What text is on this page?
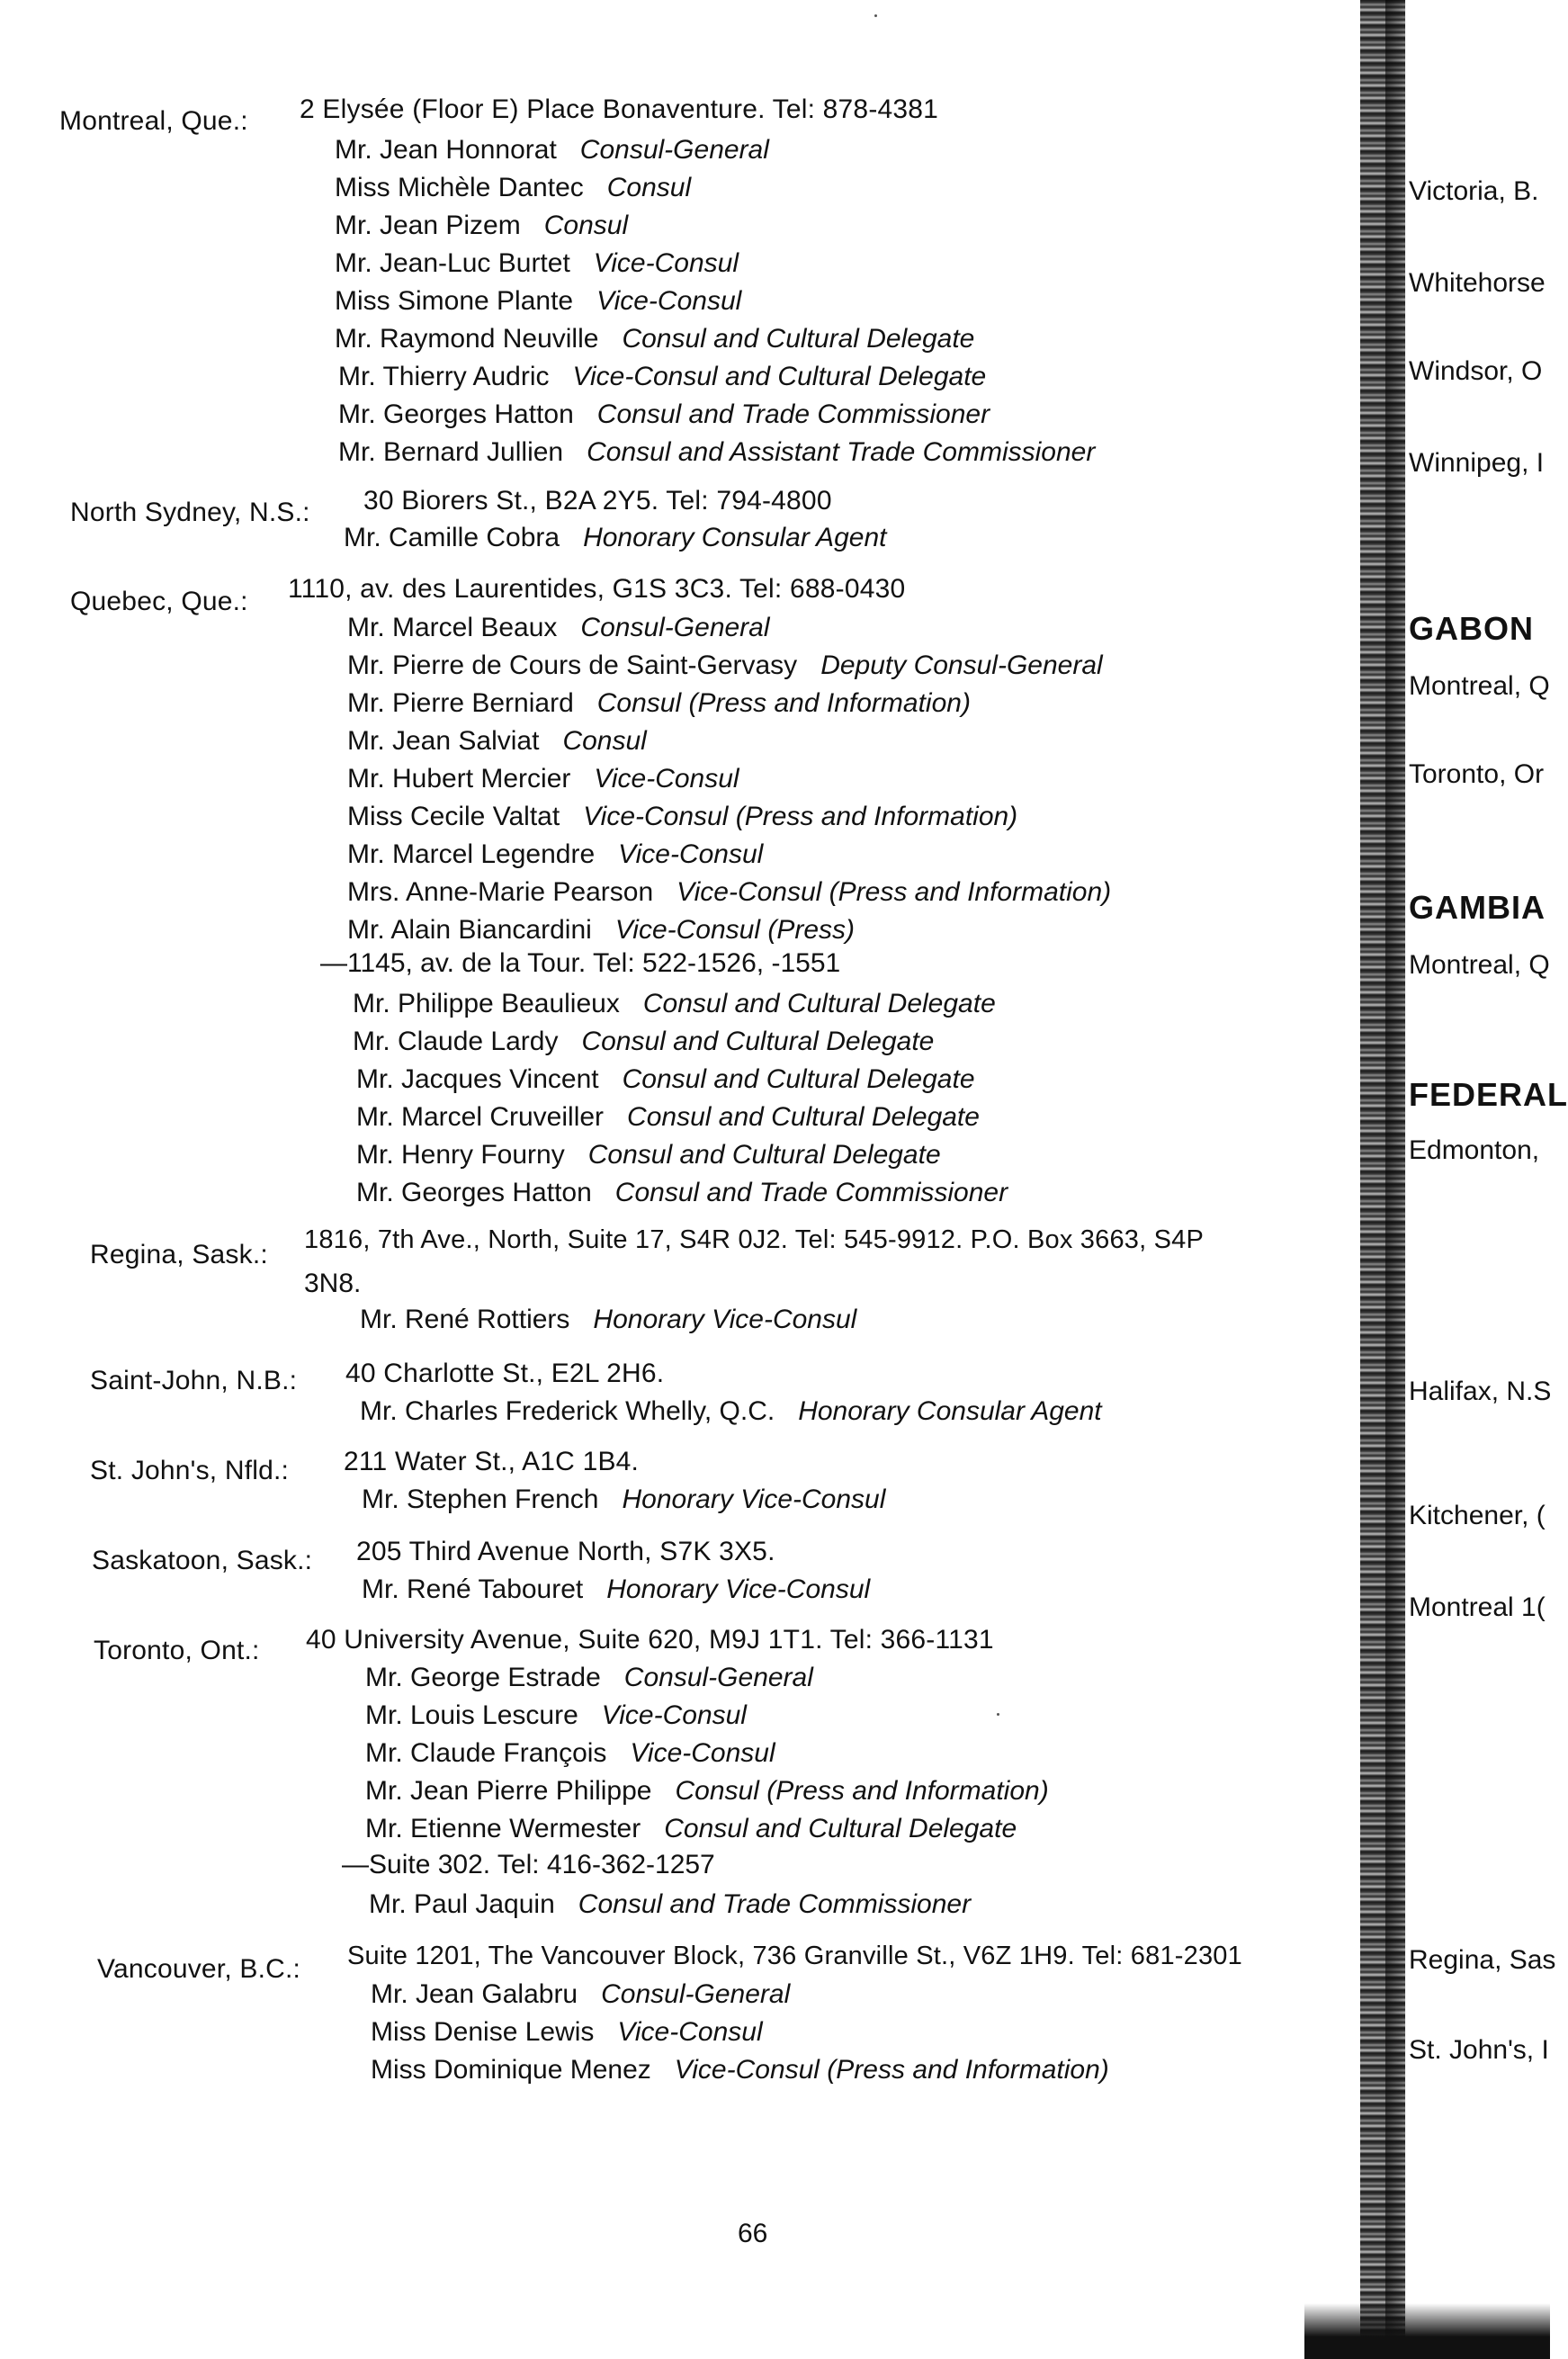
Montreal, Que.: 2 Elysée (Floor E) Place Bonaventure. Tel: 878-4381
Mr. Jean Honnorat Consul-General
Miss Michèle Dantec Consul
Mr. Jean Pizem Consul
Mr. Jean-Luc Burtet Vice-Consul
Miss Simone Plante Vice-Consul
Mr. Raymond Neuville Consul and Cultural Delegate
Mr. Thierry Audric Vice-Consul and Cultural Delegate
Mr. Georges Hatton Consul and Trade Commissioner
Mr. Bernard Jullien Consul and Assistant Trade Commissioner
North Sydney, N.S.: 30 Biorers St., B2A 2Y5. Tel: 794-4800
Mr. Camille Cobra Honorary Consular Agent
Quebec, Que.: 1110, av. des Laurentides, G1S 3C3. Tel: 688-0430
Mr. Marcel Beaux Consul-General
Mr. Pierre de Cours de Saint-Gervasy Deputy Consul-General
Mr. Pierre Berniard Consul (Press and Information)
Mr. Jean Salviat Consul
Mr. Hubert Mercier Vice-Consul
Miss Cecile Valtat Vice-Consul (Press and Information)
Mr. Marcel Legendre Vice-Consul
Mrs. Anne-Marie Pearson Vice-Consul (Press and Information)
Mr. Alain Biancardini Vice-Consul (Press)
—1145, av. de la Tour. Tel: 522-1526, -1551
Mr. Philippe Beaulieux Consul and Cultural Delegate
Mr. Claude Lardy Consul and Cultural Delegate
Mr. Jacques Vincent Consul and Cultural Delegate
Mr. Marcel Cruveiller Consul and Cultural Delegate
Mr. Henry Fourny Consul and Cultural Delegate
Mr. Georges Hatton Consul and Trade Commissioner
Regina, Sask.: 1816, 7th Ave., North, Suite 17, S4R 0J2. Tel: 545-9912. P.O. Box 3663, S4P
3N8.
Mr. René Rottiers Honorary Vice-Consul
Saint-John, N.B.: 40 Charlotte St., E2L 2H6.
Mr. Charles Frederick Whelly, Q.C. Honorary Consular Agent
St. John's, Nfld.: 211 Water St., A1C 1B4.
Mr. Stephen French Honorary Vice-Consul
Saskatoon, Sask.: 205 Third Avenue North, S7K 3X5.
Mr. René Tabouret Honorary Vice-Consul
Toronto, Ont.: 40 University Avenue, Suite 620, M9J 1T1. Tel: 366-1131
Mr. George Estrade Consul-General
Mr. Louis Lescure Vice-Consul
Mr. Claude François Vice-Consul
Mr. Jean Pierre Philippe Consul (Press and Information)
Mr. Etienne Wermester Consul and Cultural Delegate
—Suite 302. Tel: 416-362-1257
Mr. Paul Jaquin Consul and Trade Commissioner
Vancouver, B.C.: Suite 1201, The Vancouver Block, 736 Granville St., V6Z 1H9. Tel: 681-2301
Mr. Jean Galabru Consul-General
Miss Denise Lewis Vice-Consul
Miss Dominique Menez Vice-Consul (Press and Information)
66
Victoria, B.
Whitehorse
Windsor, O
Winnipeg, I
GABON
Montreal, Q
Toronto, Or
GAMBIA
Montreal, Q
FEDERAL
Edmonton,
Halifax, N.S
Kitchener, (
Montreal 1(
Regina, Sas
St. John's, I
